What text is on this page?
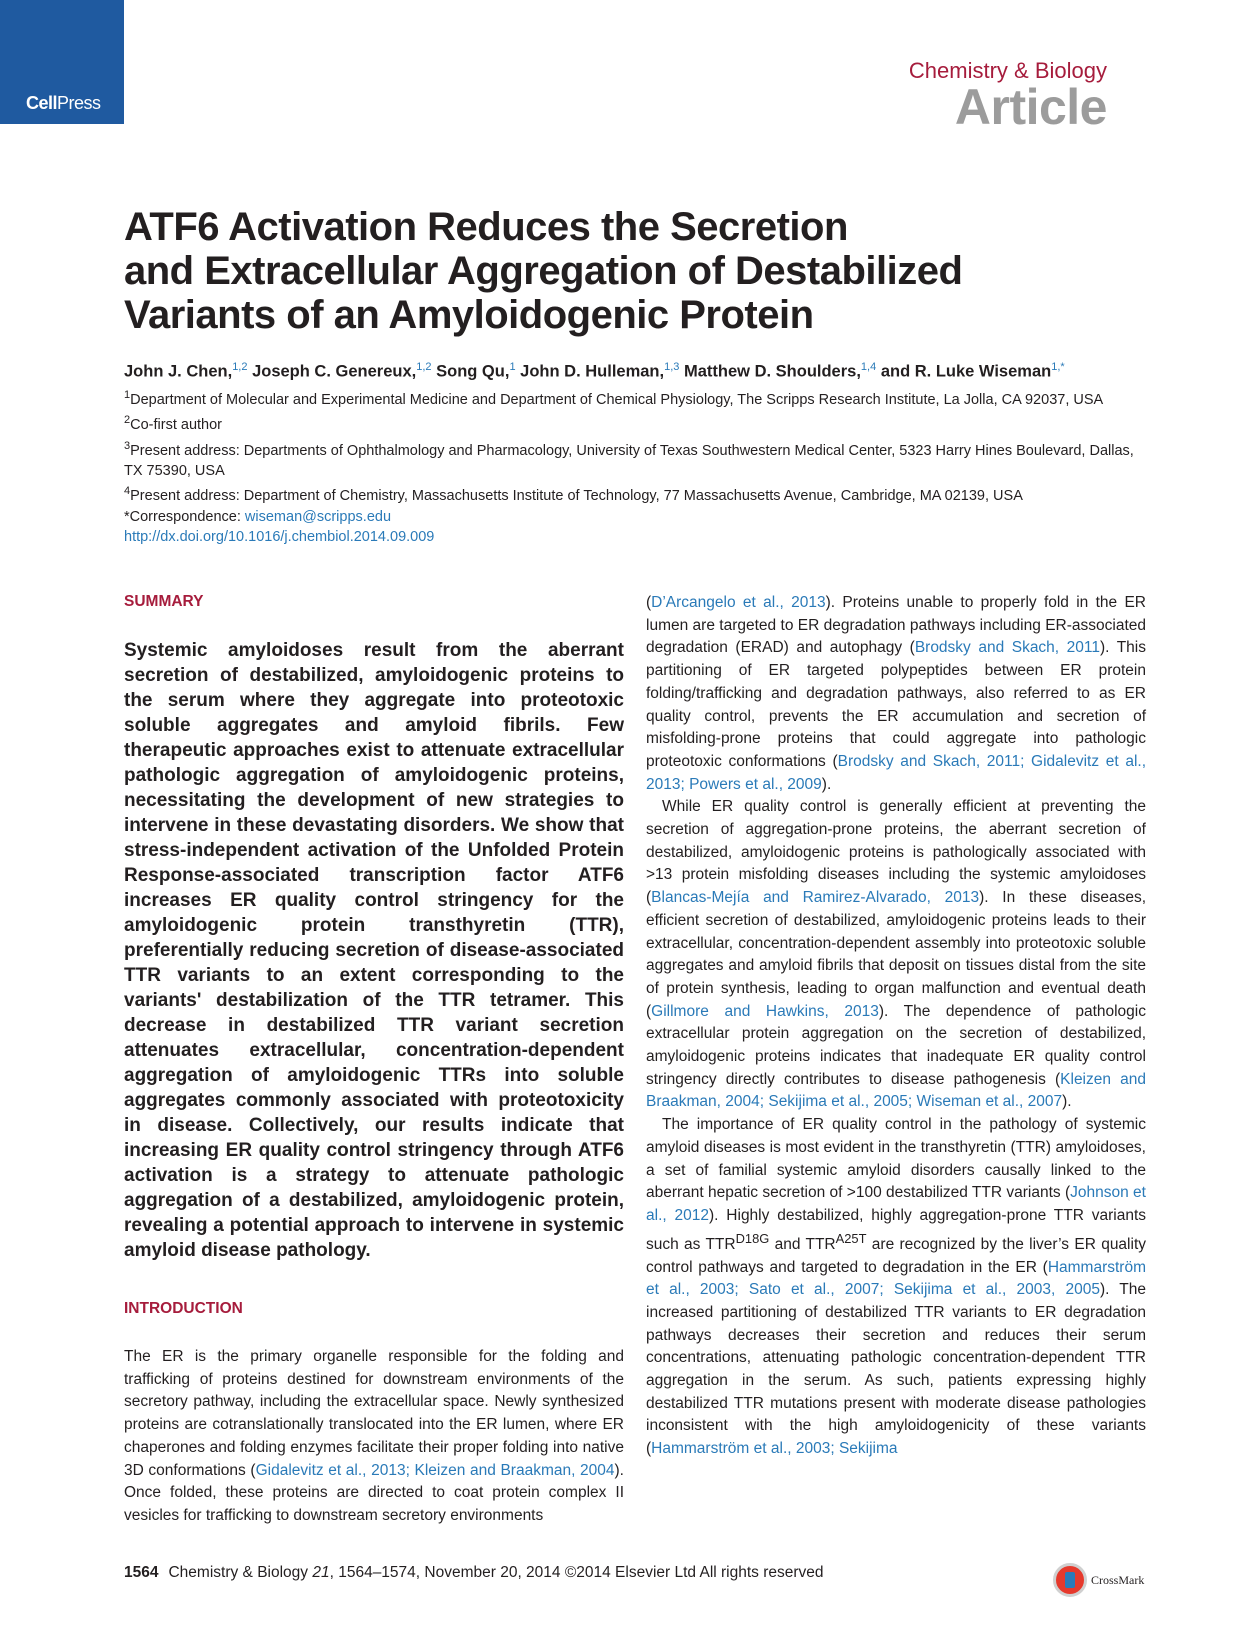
CellPress
Chemistry & Biology
Article
ATF6 Activation Reduces the Secretion
and Extracellular Aggregation of Destabilized
Variants of an Amyloidogenic Protein
John J. Chen,$^{1,2}$ Joseph C. Genereux,$^{1,2}$ Song Qu,$^1$ John D. Hulleman,$^{1,3}$ Matthew D. Shoulders,$^{1,4}$ and R. Luke Wiseman$^{1,*}$
$^1$Department of Molecular and Experimental Medicine and Department of Chemical Physiology, The Scripps Research Institute, La Jolla, CA 92037, USA
$^2$Co-first author
$^3$Present address: Departments of Ophthalmology and Pharmacology, University of Texas Southwestern Medical Center, 5323 Harry Hines Boulevard, Dallas, TX 75390, USA
$^4$Present address: Department of Chemistry, Massachusetts Institute of Technology, 77 Massachusetts Avenue, Cambridge, MA 02139, USA
*Correspondence: wiseman@scripps.edu
http://dx.doi.org/10.1016/j.chembiol.2014.09.009
SUMMARY
Systemic amyloidoses result from the aberrant secretion of destabilized, amyloidogenic proteins to the serum where they aggregate into proteotoxic soluble aggregates and amyloid fibrils. Few therapeutic approaches exist to attenuate extracellular pathologic aggregation of amyloidogenic proteins, necessitating the development of new strategies to intervene in these devastating disorders. We show that stress-independent activation of the Unfolded Protein Response-associated transcription factor ATF6 increases ER quality control stringency for the amyloidogenic protein transthyretin (TTR), preferentially reducing secretion of disease-associated TTR variants to an extent corresponding to the variants' destabilization of the TTR tetramer. This decrease in destabilized TTR variant secretion attenuates extracellular, concentration-dependent aggregation of amyloidogenic TTRs into soluble aggregates commonly associated with proteotoxicity in disease. Collectively, our results indicate that increasing ER quality control stringency through ATF6 activation is a strategy to attenuate pathologic aggregation of a destabilized, amyloidogenic protein, revealing a potential approach to intervene in systemic amyloid disease pathology.
INTRODUCTION

The ER is the primary organelle responsible for the folding and trafficking of proteins destined for downstream environments of the secretory pathway, including the extracellular space. Newly synthesized proteins are cotranslationally translocated into the ER lumen, where ER chaperones and folding enzymes facilitate their proper folding into native 3D conformations (Gidalevitz et al., 2013; Kleizen and Braakman, 2004). Once folded, these proteins are directed to coat protein complex II vesicles for trafficking to downstream secretory environments

(D’Arcangelo et al., 2013). Proteins unable to properly fold in the ER lumen are targeted to ER degradation pathways including ER-associated degradation (ERAD) and autophagy (Brodsky and Skach, 2011). This partitioning of ER targeted polypeptides between ER protein folding/trafficking and degradation pathways, also referred to as ER quality control, prevents the ER accumulation and secretion of misfolding-prone proteins that could aggregate into pathologic proteotoxic conformations (Brodsky and Skach, 2011; Gidalevitz et al., 2013; Powers et al., 2009).

While ER quality control is generally efficient at preventing the secretion of aggregation-prone proteins, the aberrant secretion of destabilized, amyloidogenic proteins is pathologically associated with >13 protein misfolding diseases including the systemic amyloidoses (Blancas-Mejía and Ramirez-Alvarado, 2013). In these diseases, efficient secretion of destabilized, amyloidogenic proteins leads to their extracellular, concentration-dependent assembly into proteotoxic soluble aggregates and amyloid fibrils that deposit on tissues distal from the site of protein synthesis, leading to organ malfunction and eventual death (Gillmore and Hawkins, 2013). The dependence of pathologic extracellular protein aggregation on the secretion of destabilized, amyloidogenic proteins indicates that inadequate ER quality control stringency directly contributes to disease pathogenesis (Kleizen and Braakman, 2004; Sekijima et al., 2005; Wiseman et al., 2007).

The importance of ER quality control in the pathology of systemic amyloid diseases is most evident in the transthyretin (TTR) amyloidoses, a set of familial systemic amyloid disorders causally linked to the aberrant hepatic secretion of >100 destabilized TTR variants (Johnson et al., 2012). Highly destabilized, highly aggregation-prone TTR variants such as $TTR^{D18G}$ and $TTR^{A25T}$ are recognized by the liver’s ER quality control pathways and targeted to degradation in the ER (Hammarström et al., 2003; Sato et al., 2007; Sekijima et al., 2003, 2005). The increased partitioning of destabilized TTR variants to ER degradation pathways decreases their secretion and reduces their serum concentrations, attenuating pathologic concentration-dependent TTR aggregation in the serum. As such, patients expressing highly destabilized TTR mutations present with moderate disease pathologies inconsistent with the high amyloidogenicity of these variants (Hammarström et al., 2003; Sekijima

1564 Chemistry & Biology 21, 1564–1574, November 20, 2014 ©2014 Elsevier Ltd All rights reserved	CrossMark
